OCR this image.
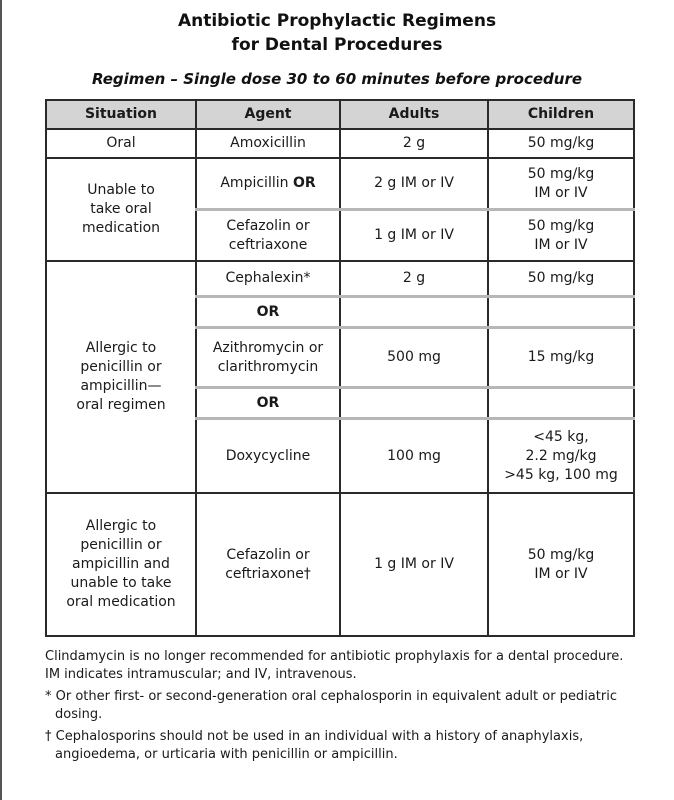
Antibiotic Prophylactic Regimens
for Dental Procedures
Regimen – Single dose 30 to 60 minutes before procedure
Situation	Agent	Adults	Children
Oral	Amoxicillin	2 g	50 mg/kg

Unable to take oral medication	Ampicillin OR	2 g IM or IV	50 mg/kg IM or IV

	Cefazolin or ceftriaxone	1 g IM or IV	50 mg/kg IM or IV

Allergic to penicillin or ampicillin— oral regimen	Cephalexin*	2 g	50 mg/kg
	OR		

	Azithromycin or clarithromycin	500 mg	15 mg/kg
	OR		
	Doxycycline	100 mg	<45 kg,
2.2 mg/kg
>45 kg, 100 mg

Allergic to penicillin or ampicillin and unable to take oral medication	Cefazolin or ceftriaxone†	1 g IM or IV	50 mg/kg IM or IV

Clindamycin is no longer recommended for antibiotic prophylaxis for a dental procedure.

IM indicates intramuscular; and IV, intravenous.

* Or other first- or second-generation oral cephalosporin in equivalent adult or pediatric dosing.

† Cephalosporins should not be used in an individual with a history of anaphylaxis, angioedema, or urticaria with penicillin or ampicillin.
